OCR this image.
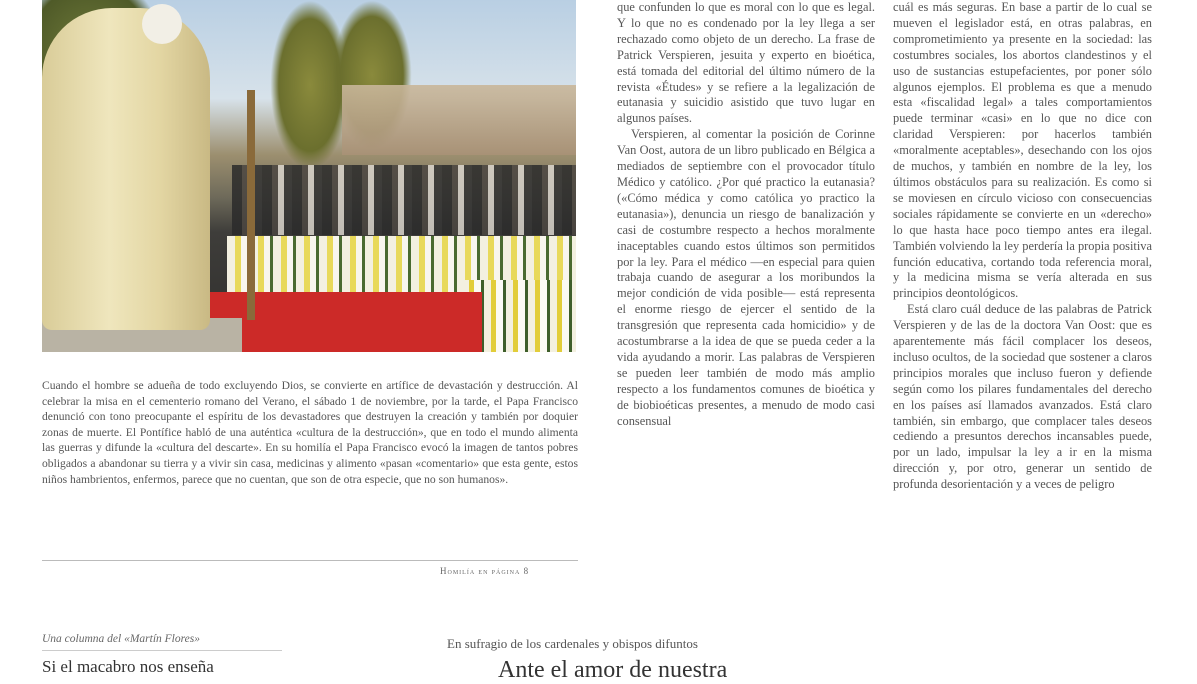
Cuando el hombre se adueña de todo excluyendo Dios, se convierte en artífice de devastación y destrucción. Al celebrar la misa en el cementerio romano del Verano, el sábado 1 de noviembre, por la tarde, el Papa Francisco denunció con tono preocupante el espíritu de los devastadores que destruyen la creación y también por doquier zonas de muerte. El Pontífice habló de una auténtica «cultura de la destrucción», que en todo el mundo alimenta las guerras y difunde la «cultura del descarte». En su homilía el Papa Francisco evocó la imagen de tantos pobres obligados a abandonar su tierra y a vivir sin casa, medicinas y alimento «pasan «comentario» que esta gente, estos niños hambrientos, enfermos, parece que no cuentan, que son de otra especie, que no son humanos».

Homilía en página 8

que confunden lo que es moral con lo que es legal. Y lo que no es condenado por la ley llega a ser rechazado como objeto de un derecho. La frase de Patrick Verspieren, jesuita y experto en bioética, está tomada del editorial del último número de la revista «Études» y se refiere a la legalización de eutanasia y suicidio asistido que tuvo lugar en algunos países.

Verspieren, al comentar la posición de Corinne Van Oost, autora de un libro publicado en Bélgica a mediados de septiembre con el provocador título Médico y católico. ¿Por qué practico la eutanasia? («Cómo médica y como católica yo practico la eutanasia»), denuncia un riesgo de banalización y casi de costumbre respecto a hechos moralmente inaceptables cuando estos últimos son permitidos por la ley. Para el médico —en especial para quien trabaja cuando de asegurar a los moribundos la mejor condición de vida posible— está representa el enorme riesgo de ejercer el sentido de la transgresión que representa cada homicidio» y de acostumbrarse a la idea de que se pueda ceder a la vida ayudando a morir. Las palabras de Verspieren se pueden leer también de modo más amplio respecto a los fundamentos comunes de bioética y de biobioéticas presentes, a menudo de modo casi consensual

cuál es más seguras. En base a partir de lo cual se mueven el legislador está, en otras palabras, en comprometimiento ya presente en la sociedad: las costumbres sociales, los abortos clandestinos y el uso de sustancias estupefacientes, por poner sólo algunos ejemplos. El problema es que a menudo esta «fiscalidad legal» a tales comportamientos puede terminar «casi» en lo que no dice con claridad Verspieren: por hacerlos también «moralmente aceptables», desechando con los ojos de muchos, y también en nombre de la ley, los últimos obstáculos para su realización. Es como si se moviesen en círculo vicioso con consecuencias sociales rápidamente se convierte en un «derecho» lo que hasta hace poco tiempo antes era ilegal. También volviendo la ley perdería la propia positiva función educativa, cortando toda referencia moral, y la medicina misma se vería alterada en sus principios deontológicos.

Está claro cuál deduce de las palabras de Patrick Verspieren y de las de la doctora Van Oost: que es aparentemente más fácil complacer los deseos, incluso ocultos, de la sociedad que sostener a claros principios morales que incluso fueron y defiende según como los pilares fundamentales del derecho en los países así llamados avanzados. Está claro también, sin embargo, que complacer tales deseos cediendo a presuntos derechos incansables puede, por un lado, impulsar la ley a ir en la misma dirección y, por otro, generar un sentido de profunda desorientación y a veces de peligro

Una columna del «Martín Flores»

Si el macabro nos enseña

En sufragio de los cardenales y obispos difuntos

Ante el amor de nuestra
